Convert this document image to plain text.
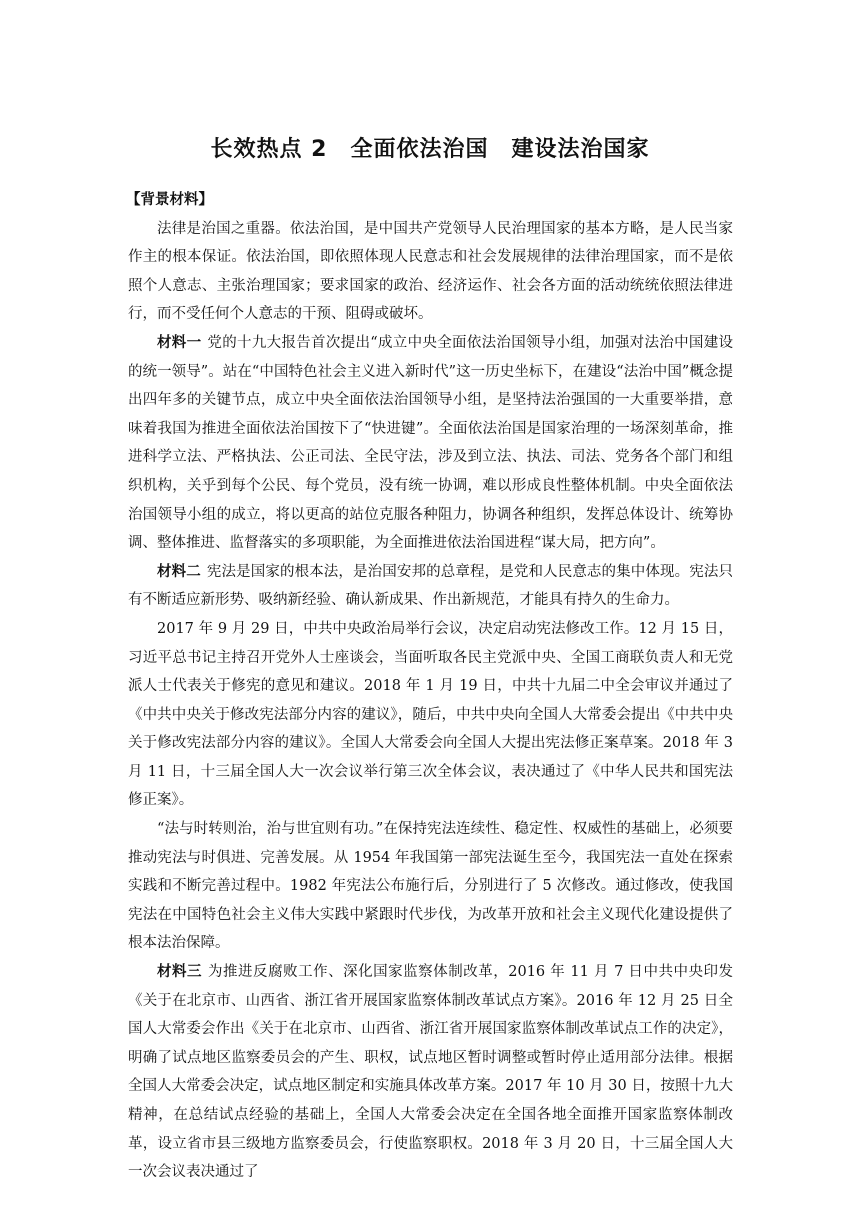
长效热点 2　全面依法治国　建设法治国家
【背景材料】

法律是治国之重器。依法治国，是中国共产党领导人民治理国家的基本方略，是人民当家作主的根本保证。依法治国，即依照体现人民意志和社会发展规律的法律治理国家，而不是依照个人意志、主张治理国家；要求国家的政治、经济运作、社会各方面的活动统统依照法律进行，而不受任何个人意志的干预、阻碍或破坏。

材料一 党的十九大报告首次提出“成立中央全面依法治国领导小组，加强对法治中国建设的统一领导”。站在“中国特色社会主义进入新时代”这一历史坐标下，在建设“法治中国”概念提出四年多的关键节点，成立中央全面依法治国领导小组，是坚持法治强国的一大重要举措，意味着我国为推进全面依法治国按下了“快进键”。全面依法治国是国家治理的一场深刻革命，推进科学立法、严格执法、公正司法、全民守法，涉及到立法、执法、司法、党务各个部门和组织机构，关乎到每个公民、每个党员，没有统一协调，难以形成良性整体机制。中央全面依法治国领导小组的成立，将以更高的站位克服各种阻力，协调各种组织，发挥总体设计、统筹协调、整体推进、监督落实的多项职能，为全面推进依法治国进程“谋大局，把方向”。

材料二 宪法是国家的根本法，是治国安邦的总章程，是党和人民意志的集中体现。宪法只有不断适应新形势、吸纳新经验、确认新成果、作出新规范，才能具有持久的生命力。

2017 年 9 月 29 日，中共中央政治局举行会议，决定启动宪法修改工作。12 月 15 日，习近平总书记主持召开党外人士座谈会，当面听取各民主党派中央、全国工商联负责人和无党派人士代表关于修宪的意见和建议。2018 年 1 月 19 日，中共十九届二中全会审议并通过了《中共中央关于修改宪法部分内容的建议》，随后，中共中央向全国人大常委会提出《中共中央关于修改宪法部分内容的建议》。全国人大常委会向全国人大提出宪法修正案草案。2018 年 3 月 11 日，十三届全国人大一次会议举行第三次全体会议，表决通过了《中华人民共和国宪法修正案》。

“法与时转则治，治与世宜则有功。”在保持宪法连续性、稳定性、权威性的基础上，必须要推动宪法与时俱进、完善发展。从 1954 年我国第一部宪法诞生至今，我国宪法一直处在探索实践和不断完善过程中。1982 年宪法公布施行后，分别进行了 5 次修改。通过修改，使我国宪法在中国特色社会主义伟大实践中紧跟时代步伐，为改革开放和社会主义现代化建设提供了根本法治保障。

材料三 为推进反腐败工作、深化国家监察体制改革，2016 年 11 月 7 日中共中央印发《关于在北京市、山西省、浙江省开展国家监察体制改革试点方案》。2016 年 12 月 25 日全国人大常委会作出《关于在北京市、山西省、浙江省开展国家监察体制改革试点工作的决定》，明确了试点地区监察委员会的产生、职权，试点地区暂时调整或暂时停止适用部分法律。根据全国人大常委会决定，试点地区制定和实施具体改革方案。2017 年 10 月 30 日，按照十九大精神，在总结试点经验的基础上，全国人大常委会决定在全国各地全面推开国家监察体制改革，设立省市县三级地方监察委员会，行使监察职权。2018 年 3 月 20 日，十三届全国人大一次会议表决通过了
